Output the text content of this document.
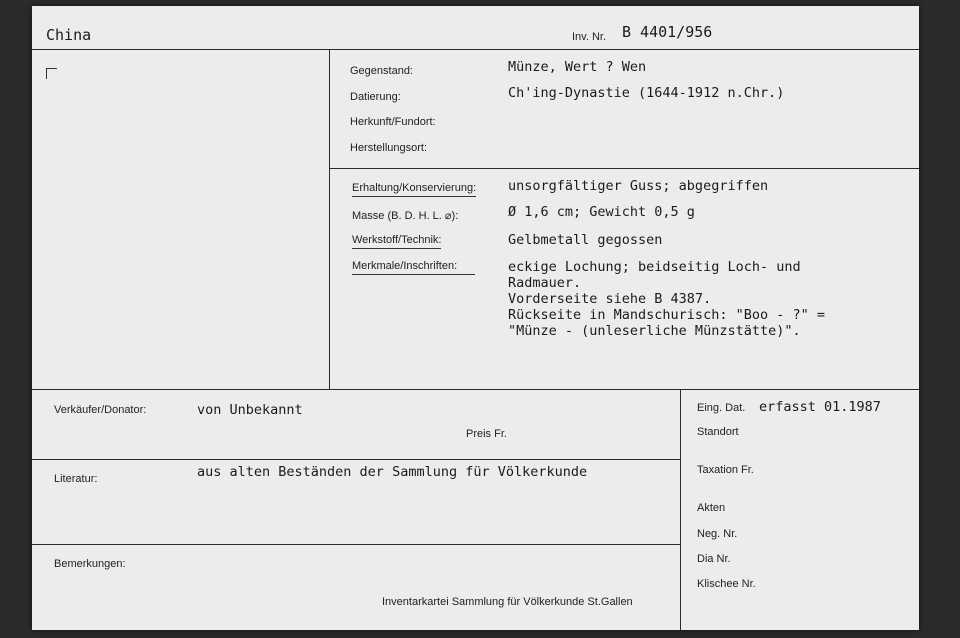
China	Inv. Nr. B 4401/956
Gegenstand:	Münze, Wert ? Wen
Datierung:	Ch'ing-Dynastie (1644-1912 n.Chr.)
Herkunft/Fundort:
Herstellungsort:
Erhaltung/Konservierung: unsorgfältiger Guss; abgegriffen
Masse (B. D. H. L. ⌀):	Ø 1,6 cm; Gewicht 0,5 g
Werkstoff/Technik:	Gelbmetall gegossen
Merkmale/Inschriften:	eckige Lochung; beidseitig Loch- und
Radmauer.
Vorderseite siehe B 4387.
Rückseite in Mandschurisch: "Boo - ?" =
"Münze - (unleserliche Münzstätte)".
Verkäufer/Donator:	von Unbekannt
Preis Fr.
Literatur:	aus alten Beständen der Sammlung für Völkerkunde
Bemerkungen:
Inventarkartei Sammlung für Völkerkunde St.Gallen
Eing. Dat. erfasst 01.1987
Standort
Taxation Fr.
Akten
Neg. Nr.
Dia Nr.
Klischee Nr.
